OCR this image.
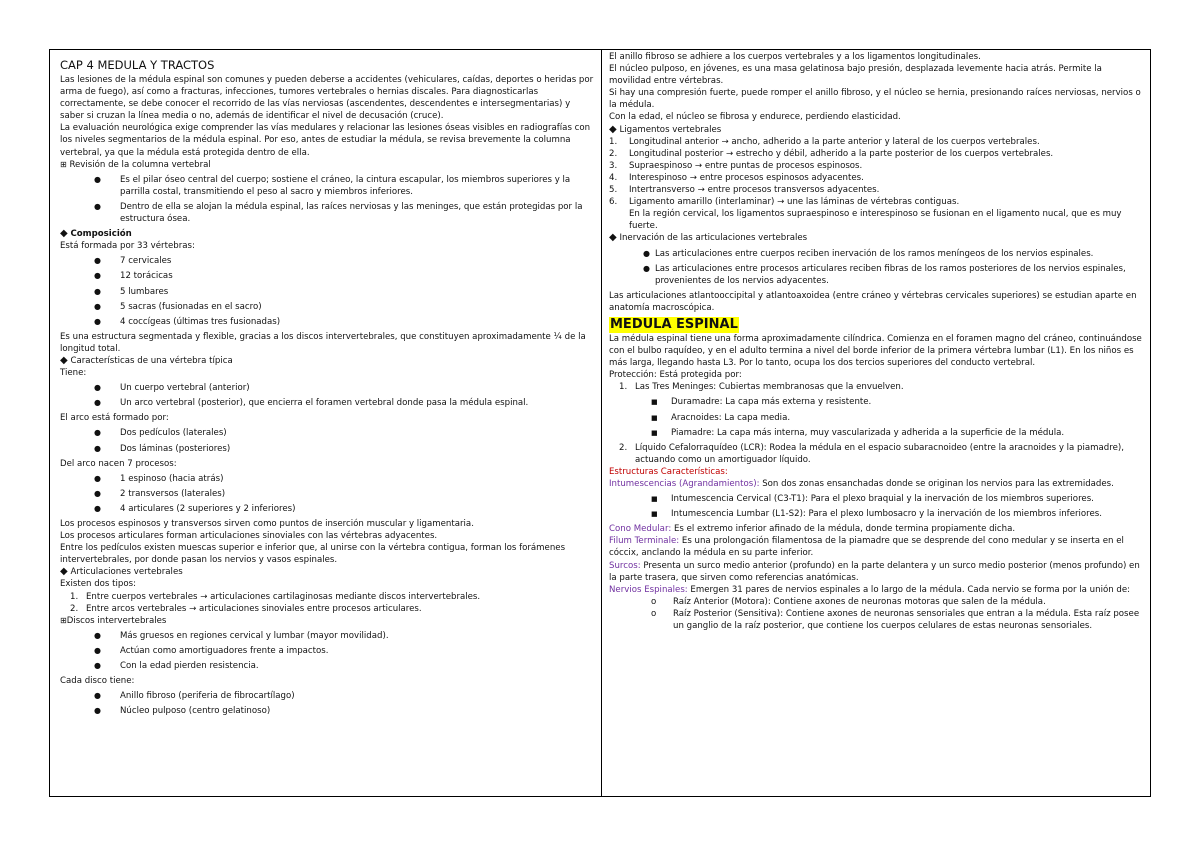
CAP 4 MEDULA Y TRACTOS

Las lesiones de la médula espinal son comunes y pueden deberse a accidentes (vehiculares, caídas, deportes o heridas por arma de fuego), así como a fracturas, infecciones, tumores vertebrales o hernias discales. Para diagnosticarlas correctamente, se debe conocer el recorrido de las vías nerviosas (ascendentes, descendentes e intersegmentarias) y saber si cruzan la línea media o no, además de identificar el nivel de decusación (cruce).

La evaluación neurológica exige comprender las vías medulares y relacionar las lesiones óseas visibles en radiografías con los niveles segmentarios de la médula espinal. Por eso, antes de estudiar la médula, se revisa brevemente la columna vertebral, ya que la médula está protegida dentro de ella.

⊞ Revisión de la columna vertebral

● Es el pilar óseo central del cuerpo; sostiene el cráneo, la cintura escapular, los miembros superiores y la parrilla costal, transmitiendo el peso al sacro y miembros inferiores.
● Dentro de ella se alojan la médula espinal, las raíces nerviosas y las meninges, que están protegidas por la estructura ósea.

◆ Composición

Está formada por 33 vértebras:

● 7 cervicales
● 12 torácicas
● 5 lumbares
● 5 sacras (fusionadas en el sacro)
● 4 coccígeas (últimas tres fusionadas)

Es una estructura segmentada y flexible, gracias a los discos intervertebrales, que constituyen aproximadamente ¼ de la longitud total.

◆ Características de una vértebra típica

Tiene:

● Un cuerpo vertebral (anterior)
● Un arco vertebral (posterior), que encierra el foramen vertebral donde pasa la médula espinal.

El arco está formado por:

● Dos pedículos (laterales)
● Dos láminas (posteriores)

Del arco nacen 7 procesos:

● 1 espinoso (hacia atrás)
● 2 transversos (laterales)
● 4 articulares (2 superiores y 2 inferiores)

Los procesos espinosos y transversos sirven como puntos de inserción muscular y ligamentaria.

Los procesos articulares forman articulaciones sinoviales con las vértebras adyacentes.

Entre los pedículos existen muescas superior e inferior que, al unirse con la vértebra contigua, forman los forámenes intervertebrales, por donde pasan los nervios y vasos espinales.

◆ Articulaciones vertebrales

Existen dos tipos:

1. Entre cuerpos vertebrales → articulaciones cartilaginosas mediante discos intervertebrales.
2. Entre arcos vertebrales → articulaciones sinoviales entre procesos articulares.

⊞Discos intervertebrales

● Más gruesos en regiones cervical y lumbar (mayor movilidad).
● Actúan como amortiguadores frente a impactos.
● Con la edad pierden resistencia.

Cada disco tiene:

● Anillo fibroso (periferia de fibrocartílago)
● Núcleo pulposo (centro gelatinoso)

El anillo fibroso se adhiere a los cuerpos vertebrales y a los ligamentos longitudinales.

El núcleo pulposo, en jóvenes, es una masa gelatinosa bajo presión, desplazada levemente hacia atrás. Permite la movilidad entre vértebras.

Si hay una compresión fuerte, puede romper el anillo fibroso, y el núcleo se hernia, presionando raíces nerviosas, nervios o la médula.

Con la edad, el núcleo se fibrosa y endurece, perdiendo elasticidad.

◆ Ligamentos vertebrales

1. Longitudinal anterior → ancho, adherido a la parte anterior y lateral de los cuerpos vertebrales.
2. Longitudinal posterior → estrecho y débil, adherido a la parte posterior de los cuerpos vertebrales.
3. Supraespinoso → entre puntas de procesos espinosos.
4. Interespinoso → entre procesos espinosos adyacentes.
5. Intertransverso → entre procesos transversos adyacentes.
6. Ligamento amarillo (interlaminar) → une las láminas de vértebras contiguas.

En la región cervical, los ligamentos supraespinoso e interespinoso se fusionan en el ligamento nucal, que es muy fuerte.

◆ Inervación de las articulaciones vertebrales

● Las articulaciones entre cuerpos reciben inervación de los ramos meníngeos de los nervios espinales.
● Las articulaciones entre procesos articulares reciben fibras de los ramos posteriores de los nervios espinales, provenientes de los nervios adyacentes.

Las articulaciones atlantooccipital y atlantoaxoidea (entre cráneo y vértebras cervicales superiores) se estudian aparte en anatomía macroscópica.

MEDULA ESPINAL

La médula espinal tiene una forma aproximadamente cilíndrica. Comienza en el foramen magno del cráneo, continuándose con el bulbo raquídeo, y en el adulto termina a nivel del borde inferior de la primera vértebra lumbar (L1). En los niños es más larga, llegando hasta L3. Por lo tanto, ocupa los dos tercios superiores del conducto vertebral.

Protección: Está protegida por:

1. Las Tres Meninges: Cubiertas membranosas que la envuelven.
■ Duramadre: La capa más externa y resistente.
■ Aracnoides: La capa media.
■ Piamadre: La capa más interna, muy vascularizada y adherida a la superficie de la médula.
2. Líquido Cefalorraquídeo (LCR): Rodea la médula en el espacio subaracnoideo (entre la aracnoides y la piamadre), actuando como un amortiguador líquido.

Estructuras Características:

Intumescencias (Agrandamientos): Son dos zonas ensanchadas donde se originan los nervios para las extremidades.

■ Intumescencia Cervical (C3-T1): Para el plexo braquial y la inervación de los miembros superiores.
■ Intumescencia Lumbar (L1-S2): Para el plexo lumbosacro y la inervación de los miembros inferiores.

Cono Medular: Es el extremo inferior afinado de la médula, donde termina propiamente dicha.

Filum Terminale: Es una prolongación filamentosa de la piamadre que se desprende del cono medular y se inserta en el cóccix, anclando la médula en su parte inferior.

Surcos: Presenta un surco medio anterior (profundo) en la parte delantera y un surco medio posterior (menos profundo) en la parte trasera, que sirven como referencias anatómicas.

Nervios Espinales: Emergen 31 pares de nervios espinales a lo largo de la médula. Cada nervio se forma por la unión de:

o Raíz Anterior (Motora): Contiene axones de neuronas motoras que salen de la médula.
o Raíz Posterior (Sensitiva): Contiene axones de neuronas sensoriales que entran a la médula. Esta raíz posee un ganglio de la raíz posterior, que contiene los cuerpos celulares de estas neuronas sensoriales.
